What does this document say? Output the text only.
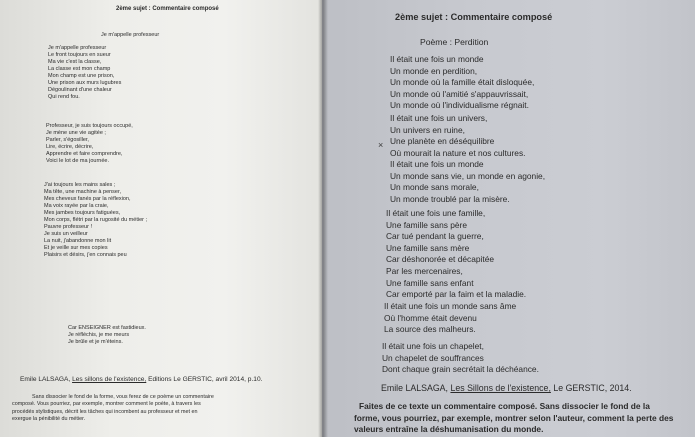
2ème sujet : Commentaire composé
Je m'appelle professeur
Je m'appelle professeur
Le front toujours en sueur
Ma vie c'est la classe,
La classe est mon champ
Mon champ est une prison,
Une prison aux murs lugubres
Dégoulinant d'une chaleur
Qui rend fou.
Professeur, je suis toujours occupé,
Je mène une vie agitée ;
Parler, s'égosiller,
Lire, écrire, décrire,
Apprendre et faire comprendre,
Voici le lot de ma journée.
J'ai toujours les mains sales ;
Ma tête, une machine à penser,
Mes cheveux fanés par la réflexion,
Ma voix rayée par la craie,
Mes jambes toujours fatiguées,
Mon corps, flétri par la rugosité du métier ;
Pauvre professeur !
Je suis un veilleur
La nuit, j'abandonne mon lit
Et je veille sur mes copies
Plaisirs et désirs, j'en connais peu
Car ENSEIGNER est fastidieux.
Je réfléchis, je me meurs
Je brûle et je m'éteins.
Emile LALSAGA, Les sillons de l'existence, Editions Le GERSTIC, avril 2014, p.10.

Sans dissocier le fond de la forme, vous ferez de ce poème un commentaire
composé. Vous pourriez, par exemple, montrer comment le poète, à travers les
procédés stylistiques, décrit les tâches qui incombent au professeur et met en
exergue la pénibilité du métier.

2ème sujet : Commentaire composé
Poème : Perdition
×
Il était une fois un monde
Un monde en perdition,
Un monde où la famille était disloquée,
Un monde où l'amitié s'appauvrissait,
Un monde où l'individualisme régnait.
Il était une fois un univers,
Un univers en ruine,
Une planète en déséquilibre
Où mourait la nature et nos cultures.
Il était une fois un monde
Un monde sans vie, un monde en agonie,
Un monde sans morale,
Un monde troublé par la misère.
Il était une fois une famille,
Une famille sans père
Car tué pendant la guerre,
Une famille sans mère
Car déshonorée et décapitée
Par les mercenaires,
Une famille sans enfant
Car emporté par la faim et la maladie.
Il était une fois un monde sans âme
Où l'homme était devenu
La source des malheurs.
Il était une fois un chapelet,
Un chapelet de souffrances
Dont chaque grain secrétait la déchéance.
Emile LALSAGA, Les Sillons de l'existence, Le GERSTIC, 2014.

Faites de ce texte un commentaire composé. Sans dissocier le fond de la
forme, vous pourriez, par exemple, montrer selon l'auteur, comment la perte des
valeurs entraîne la déshumanisation du monde.
